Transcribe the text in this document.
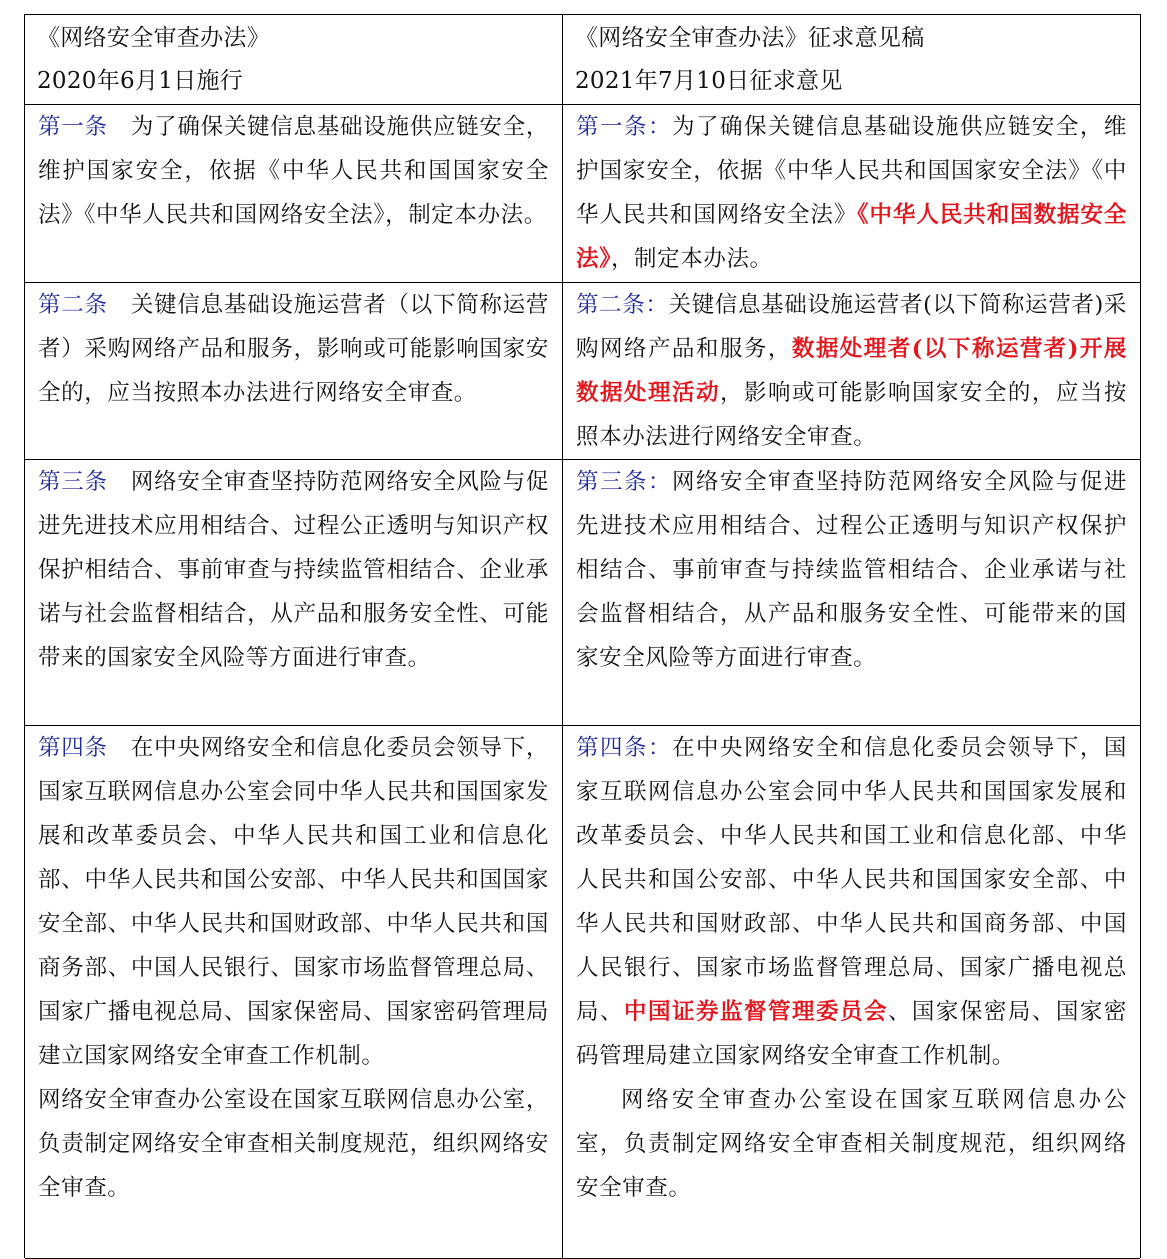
《网络安全审查办法》

2020年6月1日施行

《网络安全审查办法》征求意见稿

2021年7月10日征求意见

第一条　为了确保关键信息基础设施供应链安全，维护国家安全，依据《中华人民共和国国家安全法》《中华人民共和国网络安全法》，制定本办法。

第一条：为了确保关键信息基础设施供应链安全，维护国家安全，依据《中华人民共和国国家安全法》《中华人民共和国网络安全法》《中华人民共和国数据安全法》，制定本办法。

第二条　关键信息基础设施运营者（以下简称运营者）采购网络产品和服务，影响或可能影响国家安全的，应当按照本办法进行网络安全审查。

第二条：关键信息基础设施运营者(以下简称运营者)采购网络产品和服务，数据处理者(以下称运营者)开展数据处理活动，影响或可能影响国家安全的，应当按照本办法进行网络安全审查。

第三条　网络安全审查坚持防范网络安全风险与促进先进技术应用相结合、过程公正透明与知识产权保护相结合、事前审查与持续监管相结合、企业承诺与社会监督相结合，从产品和服务安全性、可能带来的国家安全风险等方面进行审查。

第三条：网络安全审查坚持防范网络安全风险与促进先进技术应用相结合、过程公正透明与知识产权保护相结合、事前审查与持续监管相结合、企业承诺与社会监督相结合，从产品和服务安全性、可能带来的国家安全风险等方面进行审查。

第四条　在中央网络安全和信息化委员会领导下，国家互联网信息办公室会同中华人民共和国国家发展和改革委员会、中华人民共和国工业和信息化部、中华人民共和国公安部、中华人民共和国国家安全部、中华人民共和国财政部、中华人民共和国商务部、中国人民银行、国家市场监督管理总局、国家广播电视总局、国家保密局、国家密码管理局建立国家网络安全审查工作机制。

网络安全审查办公室设在国家互联网信息办公室，负责制定网络安全审查相关制度规范，组织网络安全审查。

第四条：在中央网络安全和信息化委员会领导下，国家互联网信息办公室会同中华人民共和国国家发展和改革委员会、中华人民共和国工业和信息化部、中华人民共和国公安部、中华人民共和国国家安全部、中华人民共和国财政部、中华人民共和国商务部、中国人民银行、国家市场监督管理总局、国家广播电视总局、中国证券监督管理委员会、国家保密局、国家密码管理局建立国家网络安全审查工作机制。

网络安全审查办公室设在国家互联网信息办公室，负责制定网络安全审查相关制度规范，组织网络安全审查。
